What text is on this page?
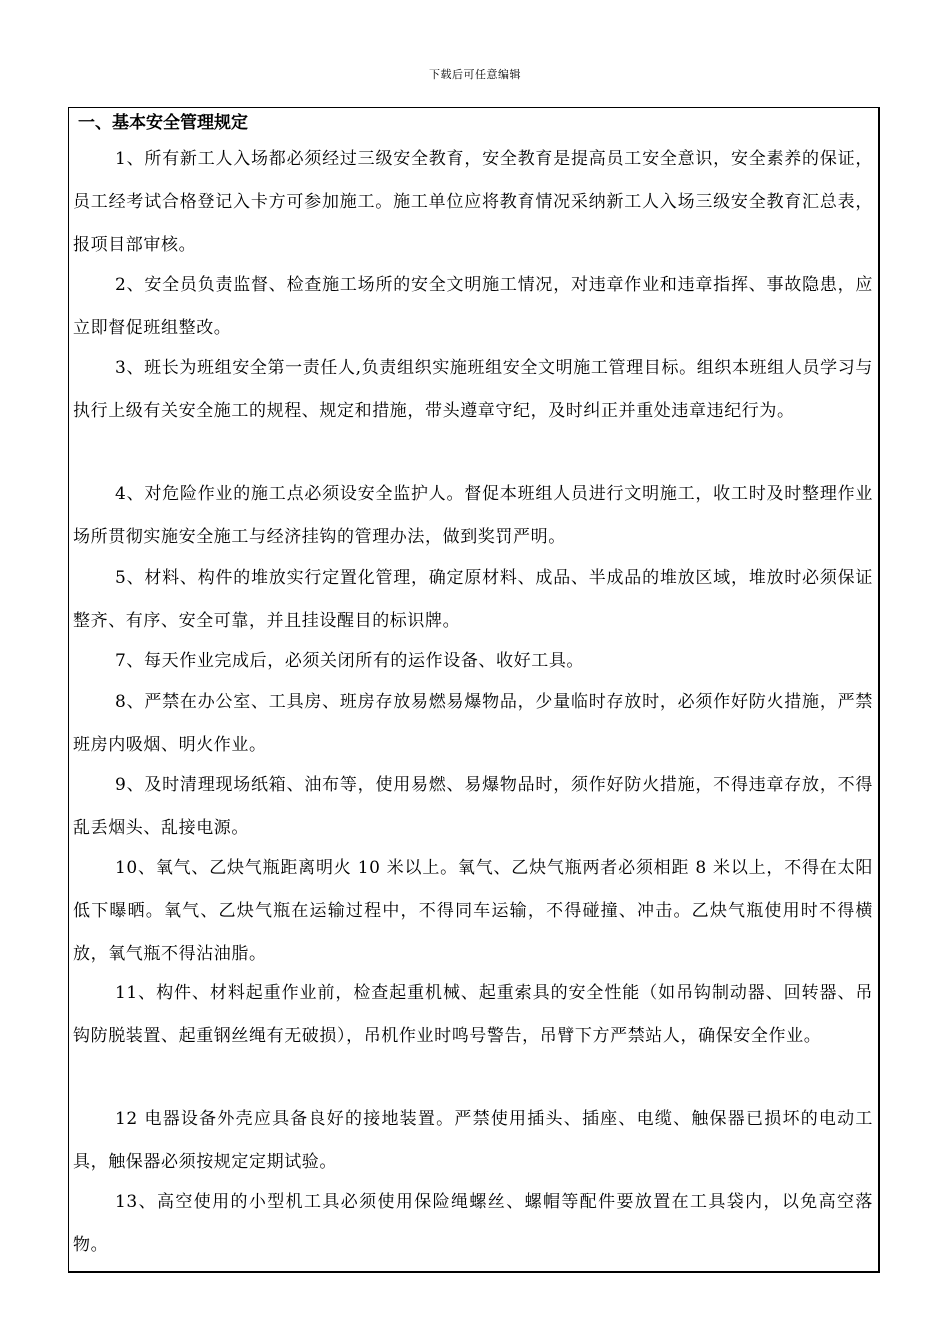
下载后可任意编辑
一、基本安全管理规定

1、所有新工人入场都必须经过三级安全教育，安全教育是提高员工安全意识，安全素养的保证，员工经考试合格登记入卡方可参加施工。施工单位应将教育情况采纳新工人入场三级安全教育汇总表，报项目部审核。

2、安全员负责监督、检查施工场所的安全文明施工情况，对违章作业和违章指挥、事故隐患，应立即督促班组整改。

3、班长为班组安全第一责任人,负责组织实施班组安全文明施工管理目标。组织本班组人员学习与执行上级有关安全施工的规程、规定和措施，带头遵章守纪，及时纠正并重处违章违纪行为。

4、对危险作业的施工点必须设安全监护人。督促本班组人员进行文明施工，收工时及时整理作业场所贯彻实施安全施工与经济挂钩的管理办法，做到奖罚严明。

5、材料、构件的堆放实行定置化管理，确定原材料、成品、半成品的堆放区域，堆放时必须保证整齐、有序、安全可靠，并且挂设醒目的标识牌。

7、每天作业完成后，必须关闭所有的运作设备、收好工具。

8、严禁在办公室、工具房、班房存放易燃易爆物品，少量临时存放时，必须作好防火措施，严禁班房内吸烟、明火作业。

9、及时清理现场纸箱、油布等，使用易燃、易爆物品时，须作好防火措施，不得违章存放，不得乱丢烟头、乱接电源。

10、氧气、乙炔气瓶距离明火 10 米以上。氧气、乙炔气瓶两者必须相距 8 米以上，不得在太阳低下曝晒。氧气、乙炔气瓶在运输过程中，不得同车运输，不得碰撞、冲击。乙炔气瓶使用时不得横放，氧气瓶不得沾油脂。

11、构件、材料起重作业前，检查起重机械、起重索具的安全性能（如吊钩制动器、回转器、吊钩防脱装置、起重钢丝绳有无破损），吊机作业时鸣号警告，吊臂下方严禁站人，确保安全作业。

12 电器设备外壳应具备良好的接地装置。严禁使用插头、插座、电缆、触保器已损坏的电动工具，触保器必须按规定定期试验。

13、高空使用的小型机工具必须使用保险绳螺丝、螺帽等配件要放置在工具袋内，以免高空落物。
